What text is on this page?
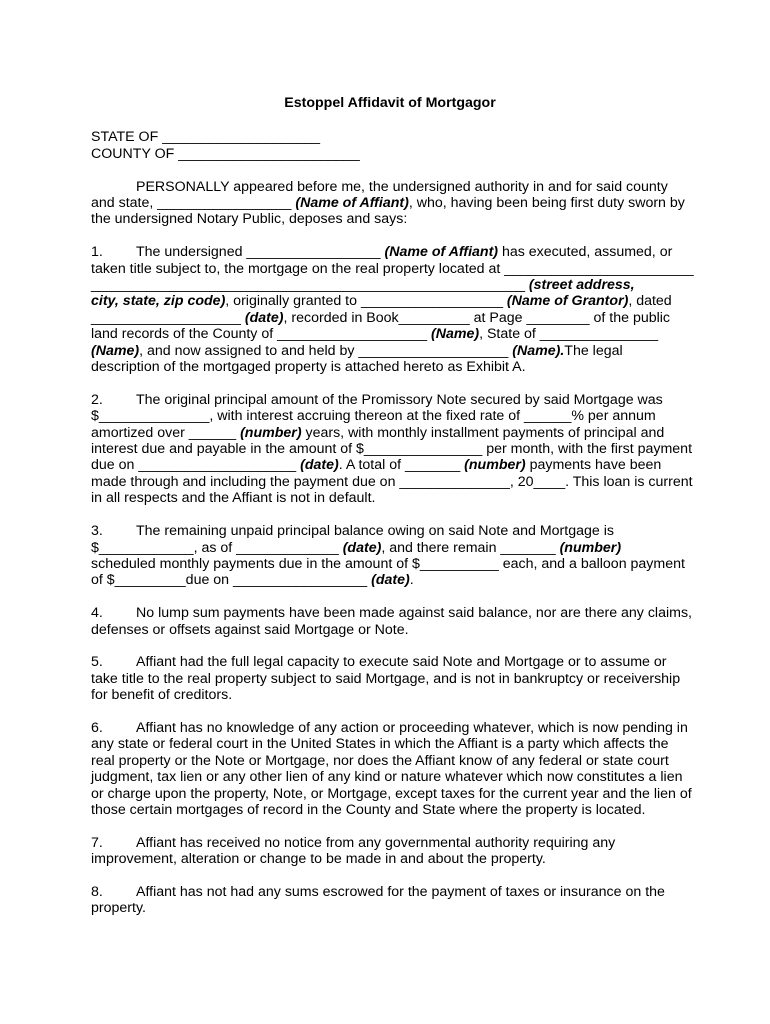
Estoppel Affidavit of Mortgagor
STATE OF ____________________
COUNTY OF _______________________
PERSONALLY appeared before me, the undersigned authority in and for said county
and state, _________________ (Name of Affiant), who, having been being first duty sworn by
the undersigned Notary Public, deposes and says:
1. The undersigned _________________ (Name of Affiant) has executed, assumed, or
taken title subject to, the mortgage on the real property located at ________________________
_______________________________________________________ (street address,
city, state, zip code), originally granted to __________________ (Name of Grantor), dated
___________________ (date), recorded in Book_________ at Page ________ of the public
land records of the County of ___________________ (Name), State of _______________
(Name), and now assigned to and held by ___________________ (Name).The legal
description of the mortgaged property is attached hereto as Exhibit A.
2. The original principal amount of the Promissory Note secured by said Mortgage was
$______________, with interest accruing thereon at the fixed rate of ______% per annum
amortized over ______ (number) years, with monthly installment payments of principal and
interest due and payable in the amount of $_______________ per month, with the first payment
due on ____________________ (date). A total of _______ (number) payments have been
made through and including the payment due on ______________, 20____. This loan is current
in all respects and the Affiant is not in default.
3. The remaining unpaid principal balance owing on said Note and Mortgage is
$____________, as of _____________ (date), and there remain _______ (number)
scheduled monthly payments due in the amount of $__________ each, and a balloon payment
of $_________due on _________________ (date).
4. No lump sum payments have been made against said balance, nor are there any claims,
defenses or offsets against said Mortgage or Note.
5. Affiant had the full legal capacity to execute said Note and Mortgage or to assume or
take title to the real property subject to said Mortgage, and is not in bankruptcy or receivership
for benefit of creditors.
6. Affiant has no knowledge of any action or proceeding whatever, which is now pending in
any state or federal court in the United States in which the Affiant is a party which affects the
real property or the Note or Mortgage, nor does the Affiant know of any federal or state court
judgment, tax lien or any other lien of any kind or nature whatever which now constitutes a lien
or charge upon the property, Note, or Mortgage, except taxes for the current year and the lien of
those certain mortgages of record in the County and State where the property is located.
7. Affiant has received no notice from any governmental authority requiring any
improvement, alteration or change to be made in and about the property.
8. Affiant has not had any sums escrowed for the payment of taxes or insurance on the
property.
